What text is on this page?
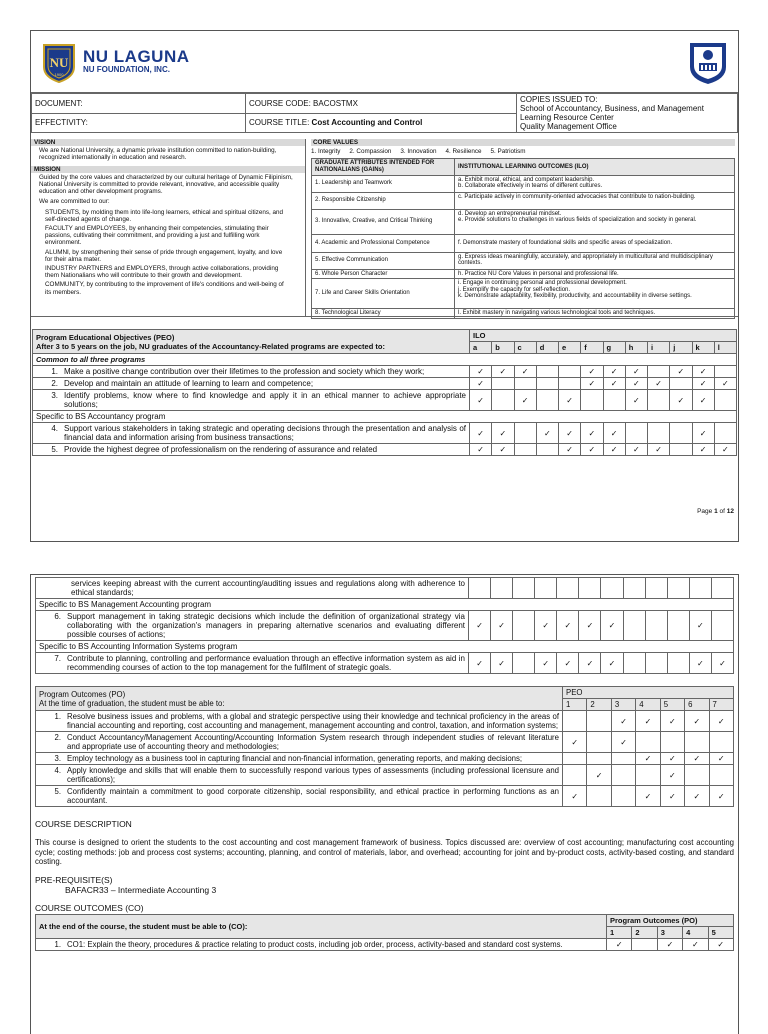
NU
1900
NU LAGUNA
NU FOUNDATION, INC.
DOCUMENT:	COURSE CODE: BACOSTMX	COPIES ISSUED TO:
School of Accountancy, Business, and Management
Learning Resource Center
Quality Management Office

EFFECTIVITY:	COURSE TITLE: Cost Accounting and Control	
VISION

We are National University, a dynamic private institution committed to nation-building, recognized internationally in education and research.

MISSION

Guided by the core values and characterized by our cultural heritage of Dynamic Filipinism, National University is committed to provide relevant, innovative, and accessible quality education and other development programs.

We are committed to our:

STUDENTS, by molding them into life-long learners, ethical and spiritual citizens, and self-directed agents of change.

FACULTY and EMPLOYEES, by enhancing their competencies, stimulating their passions, cultivating their commitment, and providing a just and fulfilling work environment.

ALUMNI, by strengthening their sense of pride through engagement, loyalty, and love for their alma mater.

INDUSTRY PARTNERS and EMPLOYERS, through active collaborations, providing them Nationalians who will contribute to their growth and development.

COMMUNITY, by contributing to the improvement of life's conditions and well-being of its members.

CORE VALUES
1. Integrity 2. Compassion 3. Innovation 4. Resilience 5. Patriotism
GRADUATE ATTRIBUTES INTENDED FOR NATIONALIANS (GAINs)	INSTITUTIONAL LEARNING OUTCOMES (ILO)
1. Leadership and Teamwork	a. Exhibit moral, ethical, and competent leadership.
b. Collaborate effectively in teams of different cultures.

2. Responsible Citizenship	c. Participate actively in community-oriented advocacies that contribute to nation-building.

3. Innovative, Creative, and Critical Thinking	d. Develop an entrepreneurial mindset.
e. Provide solutions to challenges in various fields of specialization and society in general.

4. Academic and Professional Competence	f. Demonstrate mastery of foundational skills and specific areas of specialization.

5. Effective Communication	g. Express ideas meaningfully, accurately, and appropriately in multicultural and multidisciplinary contexts.

6. Whole Person Character	h. Practice NU Core Values in personal and professional life.

7. Life and Career Skills Orientation	i. Engage in continuing personal and professional development.
j. Exemplify the capacity for self-reflection.
k. Demonstrate adaptability, flexibility, productivity, and accountability in diverse settings.

8. Technological Literacy	l. Exhibit mastery in navigating various technological tools and techniques.
Program Educational Objectives (PEO)
After 3 to 5 years on the job, NU graduates of the Accountancy-Related programs are expected to:	ILO											
	a	b	c	d	e	f	g	h	i	j	k	l
Common to all three programs												

1. Make a positive change contribution over their lifetimes to the profession and society which they work;	✓	✓	✓			✓	✓	✓		✓	✓	

2. Develop and maintain an attitude of learning to learn and competence;	✓					✓	✓	✓	✓		✓	✓

3. Identify problems, know where to find knowledge and apply it in an ethical manner to achieve appropriate solutions;	✓		✓		✓			✓		✓	✓	
Specific to BS Accountancy program												

4. Support various stakeholders in taking strategic and operating decisions through the presentation and analysis of financial data and information arising from business transactions;	✓	✓		✓	✓	✓	✓				✓	

5. Provide the highest degree of professionalism on the rendering of assurance and related	✓	✓			✓	✓	✓	✓	✓		✓	✓
Page 1 of 12
services keeping abreast with the current accounting/auditing issues and regulations along with adherence to ethical standards;												

Specific to BS Management Accounting program												

6. Support management in taking strategic decisions which include the definition of organizational strategy via collaborating with the organization's managers in preparing alternative scenarios and evaluating different possible courses of actions;	✓	✓		✓	✓	✓	✓				✓	
Specific to BS Accounting Information Systems program												

7. Contribute to planning, controlling and performance evaluation through an effective information system as aid in recommending courses of action to the top management for the fulfilment of strategic goals.	✓	✓		✓	✓	✓	✓				✓	✓
Program Outcomes (PO)
At the time of graduation, the student must be able to:	PEO						
	1	2	3	4	5	6	7

1. Resolve business issues and problems, with a global and strategic perspective using their knowledge and technical proficiency in the areas of financial accounting and reporting, cost accounting and management, management accounting and control, taxation, and information systems;			✓	✓	✓	✓	✓

2. Conduct Accountancy/Management Accounting/Accounting Information System research through independent studies of relevant literature and appropriate use of accounting theory and methodologies;	✓		✓				

3. Employ technology as a business tool in capturing financial and non-financial information, generating reports, and making decisions;				✓	✓	✓	✓

4. Apply knowledge and skills that will enable them to successfully respond various types of assessments (including professional licensure and certifications);		✓			✓		

5. Confidently maintain a commitment to good corporate citizenship, social responsibility, and ethical practice in performing functions as an accountant.	✓			✓	✓	✓	✓
COURSE DESCRIPTION

This course is designed to orient the students to the cost accounting and cost management framework of business. Topics discussed are: overview of cost accounting; manufacturing cost accounting cycle; costing methods: job and process cost systems; accounting, planning, and control of materials, labor, and overhead; accounting for joint and by-product costs, activity-based costing, and standard costing.

PRE-REQUISITE(S)
BAFACR33 – Intermediate Accounting 3
COURSE OUTCOMES (CO)
At the end of the course, the student must be able to (CO):	Program Outcomes (PO)				
	1	2	3	4	5

1. CO1: Explain the theory, procedures & practice relating to product costs, including job order, process, activity-based and standard cost systems.	✓		✓	✓	✓
